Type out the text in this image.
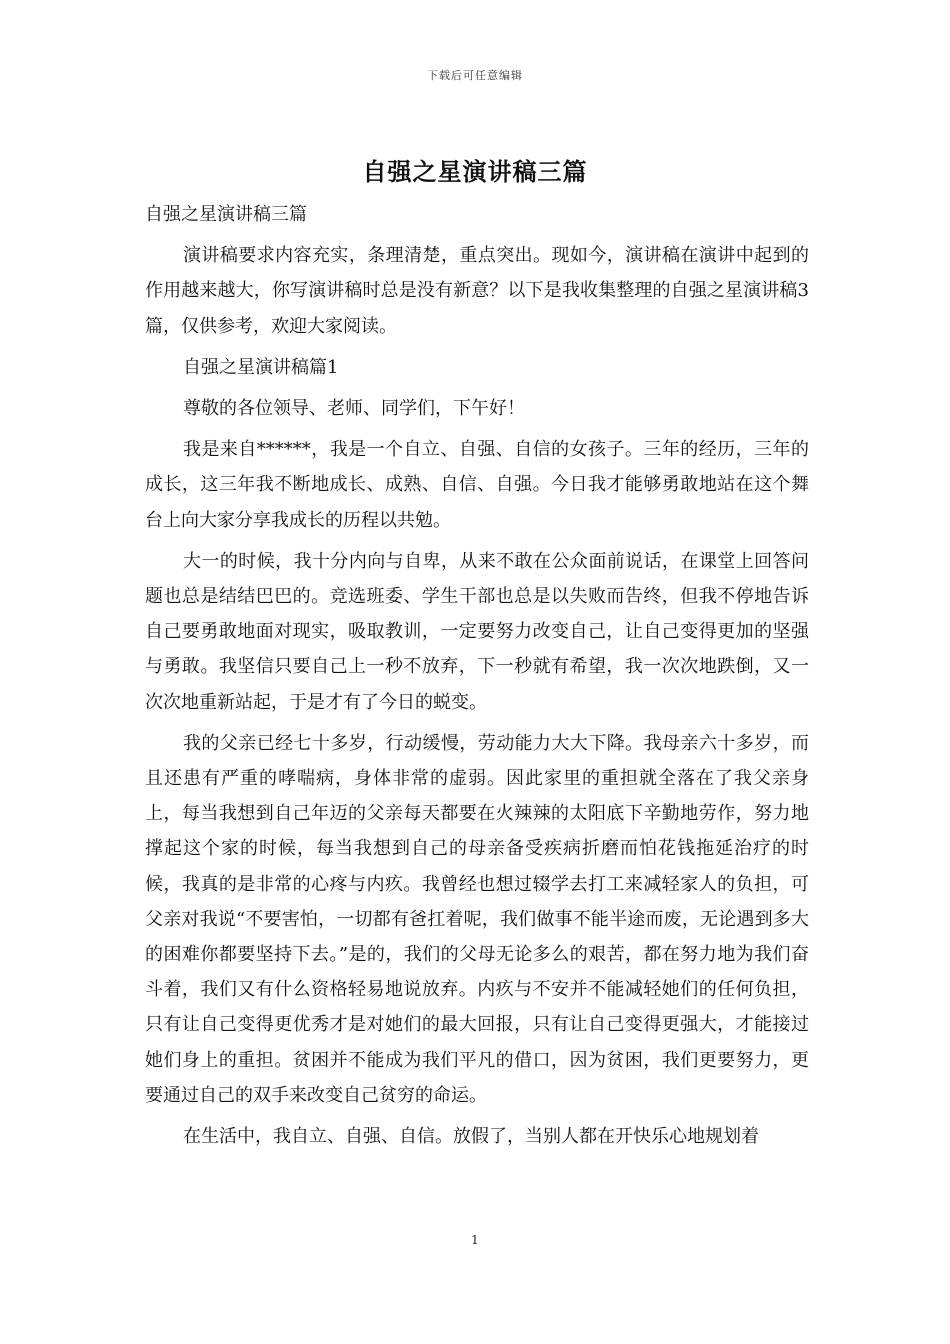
下载后可任意编辑
自强之星演讲稿三篇

自强之星演讲稿三篇

演讲稿要求内容充实，条理清楚，重点突出。现如今，演讲稿在演讲中起到的作用越来越大，你写演讲稿时总是没有新意？以下是我收集整理的自强之星演讲稿3篇，仅供参考，欢迎大家阅读。

自强之星演讲稿篇1

尊敬的各位领导、老师、同学们，下午好！

我是来自******，我是一个自立、自强、自信的女孩子。三年的经历，三年的成长，这三年我不断地成长、成熟、自信、自强。今日我才能够勇敢地站在这个舞台上向大家分享我成长的历程以共勉。

大一的时候，我十分内向与自卑，从来不敢在公众面前说话，在课堂上回答问题也总是结结巴巴的。竞选班委、学生干部也总是以失败而告终，但我不停地告诉自己要勇敢地面对现实，吸取教训，一定要努力改变自己，让自己变得更加的坚强与勇敢。我坚信只要自己上一秒不放弃，下一秒就有希望，我一次次地跌倒，又一次次地重新站起，于是才有了今日的蜕变。

我的父亲已经七十多岁，行动缓慢，劳动能力大大下降。我母亲六十多岁，而且还患有严重的哮喘病，身体非常的虚弱。因此家里的重担就全落在了我父亲身上，每当我想到自己年迈的父亲每天都要在火辣辣的太阳底下辛勤地劳作，努力地撑起这个家的时候，每当我想到自己的母亲备受疾病折磨而怕花钱拖延治疗的时候，我真的是非常的心疼与内疚。我曾经也想过辍学去打工来减轻家人的负担，可父亲对我说“不要害怕，一切都有爸扛着呢，我们做事不能半途而废，无论遇到多大的困难你都要坚持下去。”是的，我们的父母无论多么的艰苦，都在努力地为我们奋斗着，我们又有什么资格轻易地说放弃。内疚与不安并不能减轻她们的任何负担，只有让自己变得更优秀才是对她们的最大回报，只有让自己变得更强大，才能接过她们身上的重担。贫困并不能成为我们平凡的借口，因为贫困，我们更要努力，更要通过自己的双手来改变自己贫穷的命运。

在生活中，我自立、自强、自信。放假了，当别人都在开快乐心地规划着

1
